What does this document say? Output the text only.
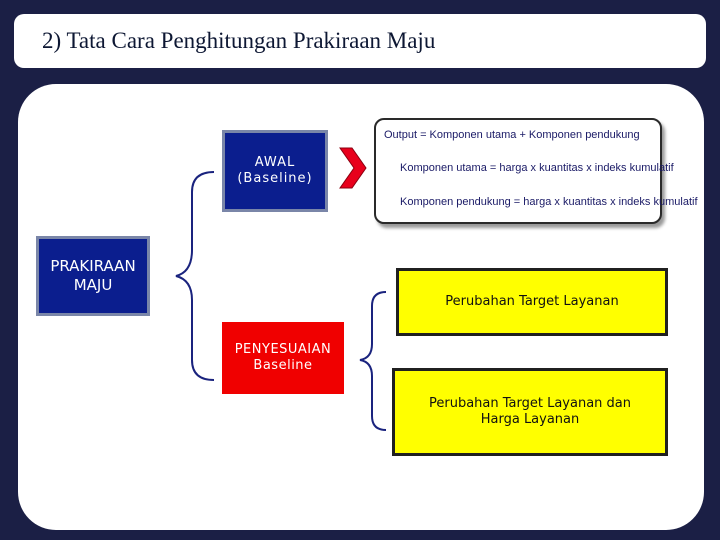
2) Tata Cara Penghitungan Prakiraan Maju
AWAL
(Baseline)
PRAKIRAAN
MAJU
PENYESUAIAN
Baseline
Output = Komponen utama + Komponen pendukung
Komponen utama = harga x kuantitas x indeks kumulatif
Komponen pendukung = harga x kuantitas x indeks kumulatif
Perubahan Target Layanan
Perubahan Target Layanan dan Harga Layanan
